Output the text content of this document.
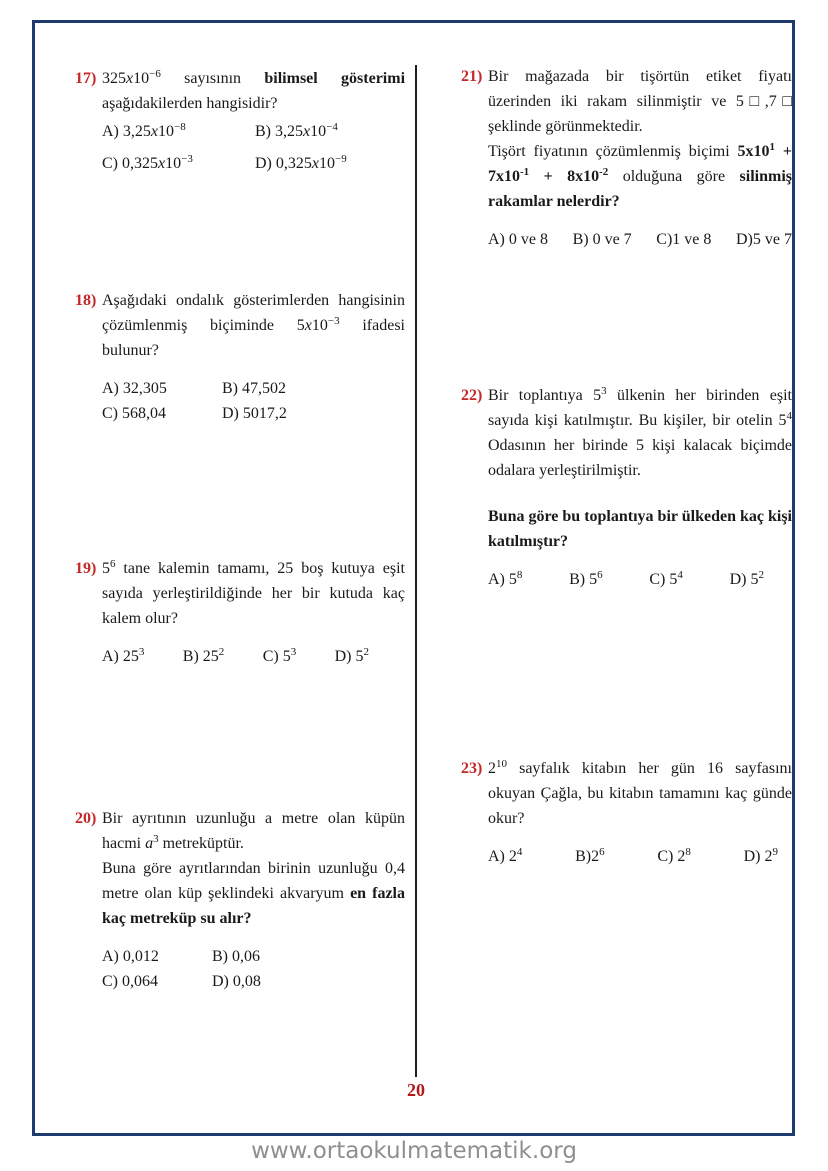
17) $325x10^{-6}$ sayısının bilimsel gösterimi aşağıdakilerden hangisidir?

A) $3,25x10^{-8}$	B) $3,25x10^{-4}$
C) $0,325x10^{-3}$	D) $0,325x10^{-9}$
18) Aşağıdaki ondalık gösterimlerden hangisinin çözümlenmiş biçiminde $5x10^{-3}$ ifadesi bulunur?

A) 32,305	B) 47,502
C) 568,04	D) 5017,2
19) $5^6$ tane kalemin tamamı, 25 boş kutuya eşit sayıda yerleştirildiğinde her bir kutuda kaç kalem olur?

A) $25^3$ B) $25^2$ C) $5^3$ D) $5^2$
20) Bir ayrıtının uzunluğu a metre olan küpün hacmi $a^3$ metreküptür.

Buna göre ayrıtlarından birinin uzunluğu 0,4 metre olan küp şeklindeki akvaryum en fazla kaç metreküp su alır?

A) 0,012	B) 0,06
C) 0,064	D) 0,08
21) Bir mağazada bir tişörtün etiket fiyatı üzerinden iki rakam silinmiştir ve 5□,7□ şeklinde görünmektedir.

Tişört fiyatının çözümlenmiş biçimi $5x10^1 + 7x10^{-1} + 8x10^{-2}$ olduğuna göre silinmiş rakamlar nelerdir?

A) 0 ve 8 B) 0 ve 7 C)1 ve 8 D)5 ve 7
22) Bir toplantıya $5^3$ ülkenin her birinden eşit sayıda kişi katılmıştır. Bu kişiler, bir otelin $5^4$ Odasının her birinde 5 kişi kalacak biçimde odalara yerleştirilmiştir.

Buna göre bu toplantıya bir ülkeden kaç kişi katılmıştır?

A) $5^8$	B) $5^6$	C) $5^4$	D) $5^2$
23) $2^{10}$ sayfalık kitabın her gün 16 sayfasını okuyan Çağla, bu kitabın tamamını kaç günde okur?

A) $2^4$	$B)2^6$	C) $2^8$	D) $2^9$
20
www.ortaokulmatematik.org
